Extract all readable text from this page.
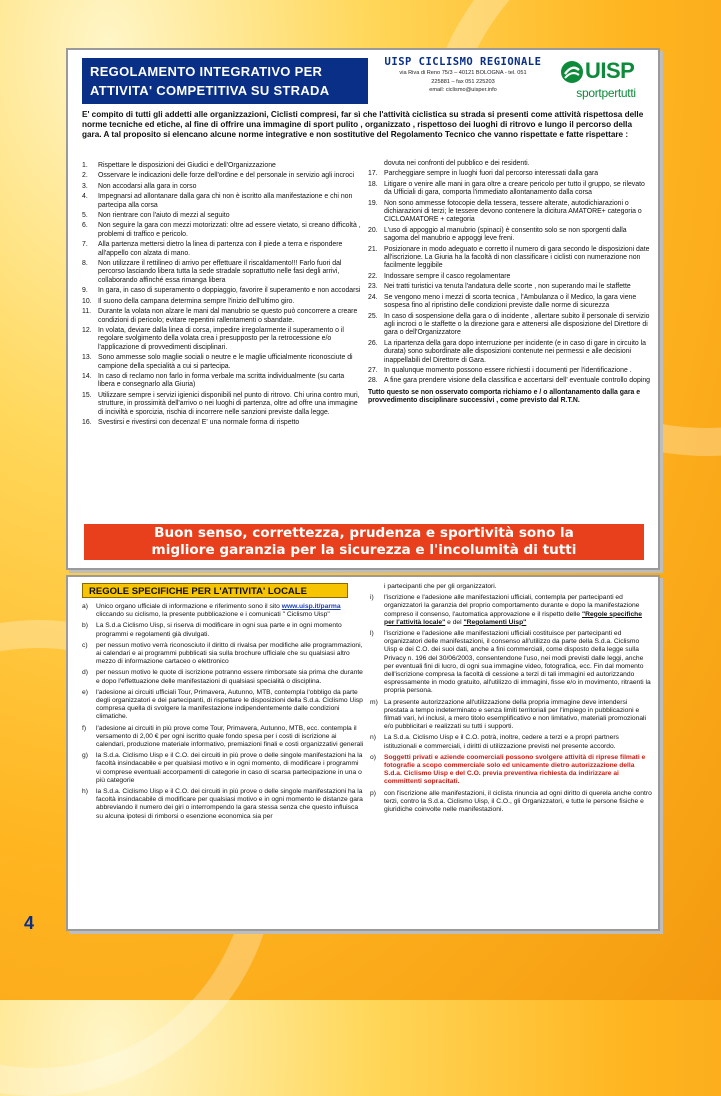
REGOLAMENTO INTEGRATIVO PER
ATTIVITA' COMPETITIVA SU STRADA
UISP CICLISMO REGIONALE
via Riva di Reno 75/3 – 40121 BOLOGNA - tel. 051
225881 – fax 051 225203
email: ciclismo@uisper.info
UISP
sportpertutti
E' compito di tutti gli addetti alle organizzazioni, Ciclisti compresi, far sì che l'attività ciclistica su strada si presenti come attività rispettosa delle norme tecniche ed etiche, al fine di offrire una immagine di sport pulito , organizzato , rispettoso dei luoghi di ritrovo e lungo il percorso della gara. A tal proposito si elencano alcune norme integrative e non sostitutive del Regolamento Tecnico che vanno rispettate e fatte rispettare :
1.	Rispettare le disposizioni dei Giudici e dell'Organizzazione
2.	Osservare le indicazioni delle forze dell'ordine e del personale in servizio agli incroci
3.	Non accodarsi alla gara in corso
4.	Impegnarsi ad allontanare dalla gara chi non è iscritto alla manifestazione e chi non partecipa alla corsa
5.	Non rientrare con l'aiuto di mezzi al seguito
6.	Non seguire la gara con mezzi motorizzati: oltre ad essere vietato, si creano difficoltà , problemi di traffico e pericolo.
7.	Alla partenza mettersi dietro la linea di partenza con il piede a terra e rispondere all'appello con alzata di mano.
8.	Non utilizzare il rettilineo di arrivo per effettuare il riscaldamento!!! Farlo fuori dal percorso lasciando libera tutta la sede stradale soprattutto nelle fasi degli arrivi, collaborando affinché essa rimanga libera
9.	In gara, in caso di superamento o doppiaggio, favorire il superamento e non accodarsi
10. Il suono della campana determina sempre l'inizio dell'ultimo giro.
11.	Durante la volata non alzare le mani dal manubrio se questo può concorrere a creare condizioni di pericolo; evitare repentini rallentamenti o sbandate.
12. In volata, deviare dalla linea di corsa, impedire irregolarmente il superamento o il regolare svolgimento della volata crea i presupposto per la retrocessione e/o l'applicazione di provvedimenti disciplinari.
13. Sono ammesse solo maglie sociali o neutre e le maglie ufficialmente riconosciute di campione della specialità a cui si partecipa.
14. In caso di reclamo non farlo in forma verbale ma scritta individualmente (su carta libera e consegnarlo alla Giuria)
15. Utilizzare sempre i servizi igienici disponibili nel punto di ritrovo. Chi urina contro muri, strutture, in prossimità dell'arrivo o nei luoghi di partenza, oltre ad offre una immagine di inciviltà e sporcizia, rischia di incorrere nelle sanzioni previste dalla legge.
16. Svestirsi e rivestirsi con decenza! E' una normale forma di rispetto
dovuta nei confronti del pubblico e dei residenti.
17. Parcheggiare sempre in luoghi fuori dal percorso interessati dalla gara
18. Litigare o venire alle mani in gara oltre a creare pericolo per tutto il gruppo, se rilevato da Ufficiali di gara, comporta l'immediato allontanamento dalla corsa
19. Non sono ammesse fotocopie della tessera, tessere alterate, autodichiarazioni o dichiarazioni di terzi; le tessere devono contenere la dicitura AMATORE+ categoria o CICLOAMATORE + categoria
20. L'uso di appoggio al manubrio (spinaci) è consentito solo se non sporgenti dalla sagoma del manubrio e appoggi leve freni.
21. Posizionare in modo adeguato e corretto il numero di gara secondo le disposizioni date all'iscrizione. La Giuria ha la facoltà di non classificare i ciclisti con numerazione non facilmente leggibile
22. Indossare sempre il casco regolamentare
23. Nei tratti turistici va tenuta l'andatura delle scorte , non superando mai le staffette
24. Se vengono meno i mezzi di scorta tecnica , l'Ambulanza o il Medico, la gara viene sospesa fino al ripristino delle condizioni previste dalle norme di sicurezza
25. In caso di sospensione della gara o di incidente , allertare subito il personale di servizio agli incroci o le staffette o la direzione gara e attenersi alle disposizione del Direttore di gara o dell'Organizzatore
26. La ripartenza della gara dopo interruzione per incidente (e in caso di gare in circuito la durata) sono subordinate alle disposizioni contenute nei permessi e alle decisioni inappellabili del Direttore di Gara.
27. In qualunque momento possono essere richiesti i documenti per l'identificazione .
28. A fine gara prendere visione della classifica e accertarsi dell' eventuale controllo doping
Tutto questo se non osservato comporta richiamo e / o allontanamento dalla gara e provvedimento disciplinare successivi , come previsto dal R.T.N.
Buon senso, correttezza, prudenza e sportività sono la
migliore garanzia per la sicurezza e l'incolumità di tutti
REGOLE SPECIFICHE PER L'ATTIVITA' LOCALE
a)	Unico organo ufficiale di informazione e riferimento sono il sito www.uisp.it/parma cliccando su ciclismo, la presente pubblicazione e i comunicati " Ciclismo Uisp"
b)	La S.d.a Ciclismo Uisp, si riserva di modificare in ogni sua parte e in ogni momento programmi e regolamenti già divulgati.
c)	per nessun motivo verrà riconosciuto il diritto di rivalsa per modifiche alle programmazioni, ai calendari e ai programmi pubblicati sia sulla brochure ufficiale che su qualsiasi altro mezzo di informazione cartaceo o elettronico
d)	per nessun motivo le quote di iscrizione potranno essere rimborsate sia prima che durante e dopo l'effettuazione delle manifestazioni di qualsiasi specialità o disciplina.
e)	l'adesione ai circuiti ufficiali Tour, Primavera, Autunno, MTB, contempla l'obbligo da parte degli organizzatori e dei partecipanti, di rispettare le disposizioni della S.d.a. Ciclismo Uisp compresa quella di svolgere la manifestazione indipendentemente dalle condizioni climatiche.
f)	l'adesione ai circuiti in più prove come Tour, Primavera, Autunno, MTB, ecc. contempla il versamento di 2,00 € per ogni iscritto quale fondo spesa per i costi di iscrizione ai calendari, produzione materiale informativo, premiazioni finali e costi organizzativi generali
g)	la S.d.a. Ciclismo Uisp e il C.O. dei circuiti in più prove o delle singole manifestazioni ha la facoltà insindacabile e per qualsiasi motivo e in ogni momento, di modificare i programmi vi comprese eventuali accorpamenti di categorie in caso di scarsa partecipazione in una o più categorie
h)	la S.d.a. Ciclismo Uisp e il C.O. dei circuiti in più prove o delle singole manifestazioni ha la facoltà insindacabile di modificare per qualsiasi motivo e in ogni momento le distanze gara abbreviando il numero dei giri o interrompendo la gara stessa senza che questo influisca su alcuna ipotesi di rimborsi o esenzione economica sia per
i partecipanti che per gli organizzatori.
i)	l'iscrizione e l'adesione alle manifestazioni ufficiali, contempla per partecipanti ed organizzatori la garanzia del proprio comportamento durante e dopo la manifestazione compreso il consenso, l'automatica approvazione e il rispetto delle "Regole specifiche per l'attività locale" e del "Regolamenti Uisp"
l)	l'iscrizione e l'adesione alle manifestazioni ufficiali costituisce per partecipanti ed organizzatori delle manifestazioni, il consenso all'utilizzo da parte della S.d.a. Ciclismo Uisp e dei C.O. dei suoi dati, anche a fini commerciali, come disposto della legge sulla Privacy n. 196 del 30/06/2003, consentendone l'uso, nei modi previsti dalle leggi, anche per eventuali fini di lucro, di ogni sua immagine video, fotografica, ecc. Fin dal momento dell'iscrizione compresa la facoltà di cessione a terzi di tali immagini ed autorizzando espressamente in modo gratuito, all'utilizzo di immagini, fisse e/o in movimento, ritraenti la propria persona.
m) La presente autorizzazione all'utilizzazione della propria immagine deve intendersi prestata a tempo indeterminato e senza limiti territoriali per l'impiego in pubblicazioni e filmati vari, ivi inclusi, a mero titolo esemplificativo e non limitativo, materiali promozionali e/o pubblicitari e realizzati su tutti i supporti.
n)	La S.d.a. Ciclismo Uisp e il C.O. potrà, inoltre, cedere a terzi e a propri partners istituzionali e commerciali, i diritti di utilizzazione previsti nel presente accordo.
o)	Soggetti privati e aziende coomerciali possono svolgere attività di riprese filmati e fotografie a scopo commerciale solo ed unicamente dietro autorizzazione della S.d.a. Ciclismo Uisp e del C.O. previa preventiva richiesta da indirizzare ai committenti sopracitati.
p)	con l'iscrizione alle manifestazioni, il ciclista rinuncia ad ogni diritto di querela anche contro terzi, contro la S.d.a. Ciclismo Uisp, il C.O., gli Organizzatori, e tutte le persone fisiche e giuridiche coinvolte nelle manifestazioni.
4
